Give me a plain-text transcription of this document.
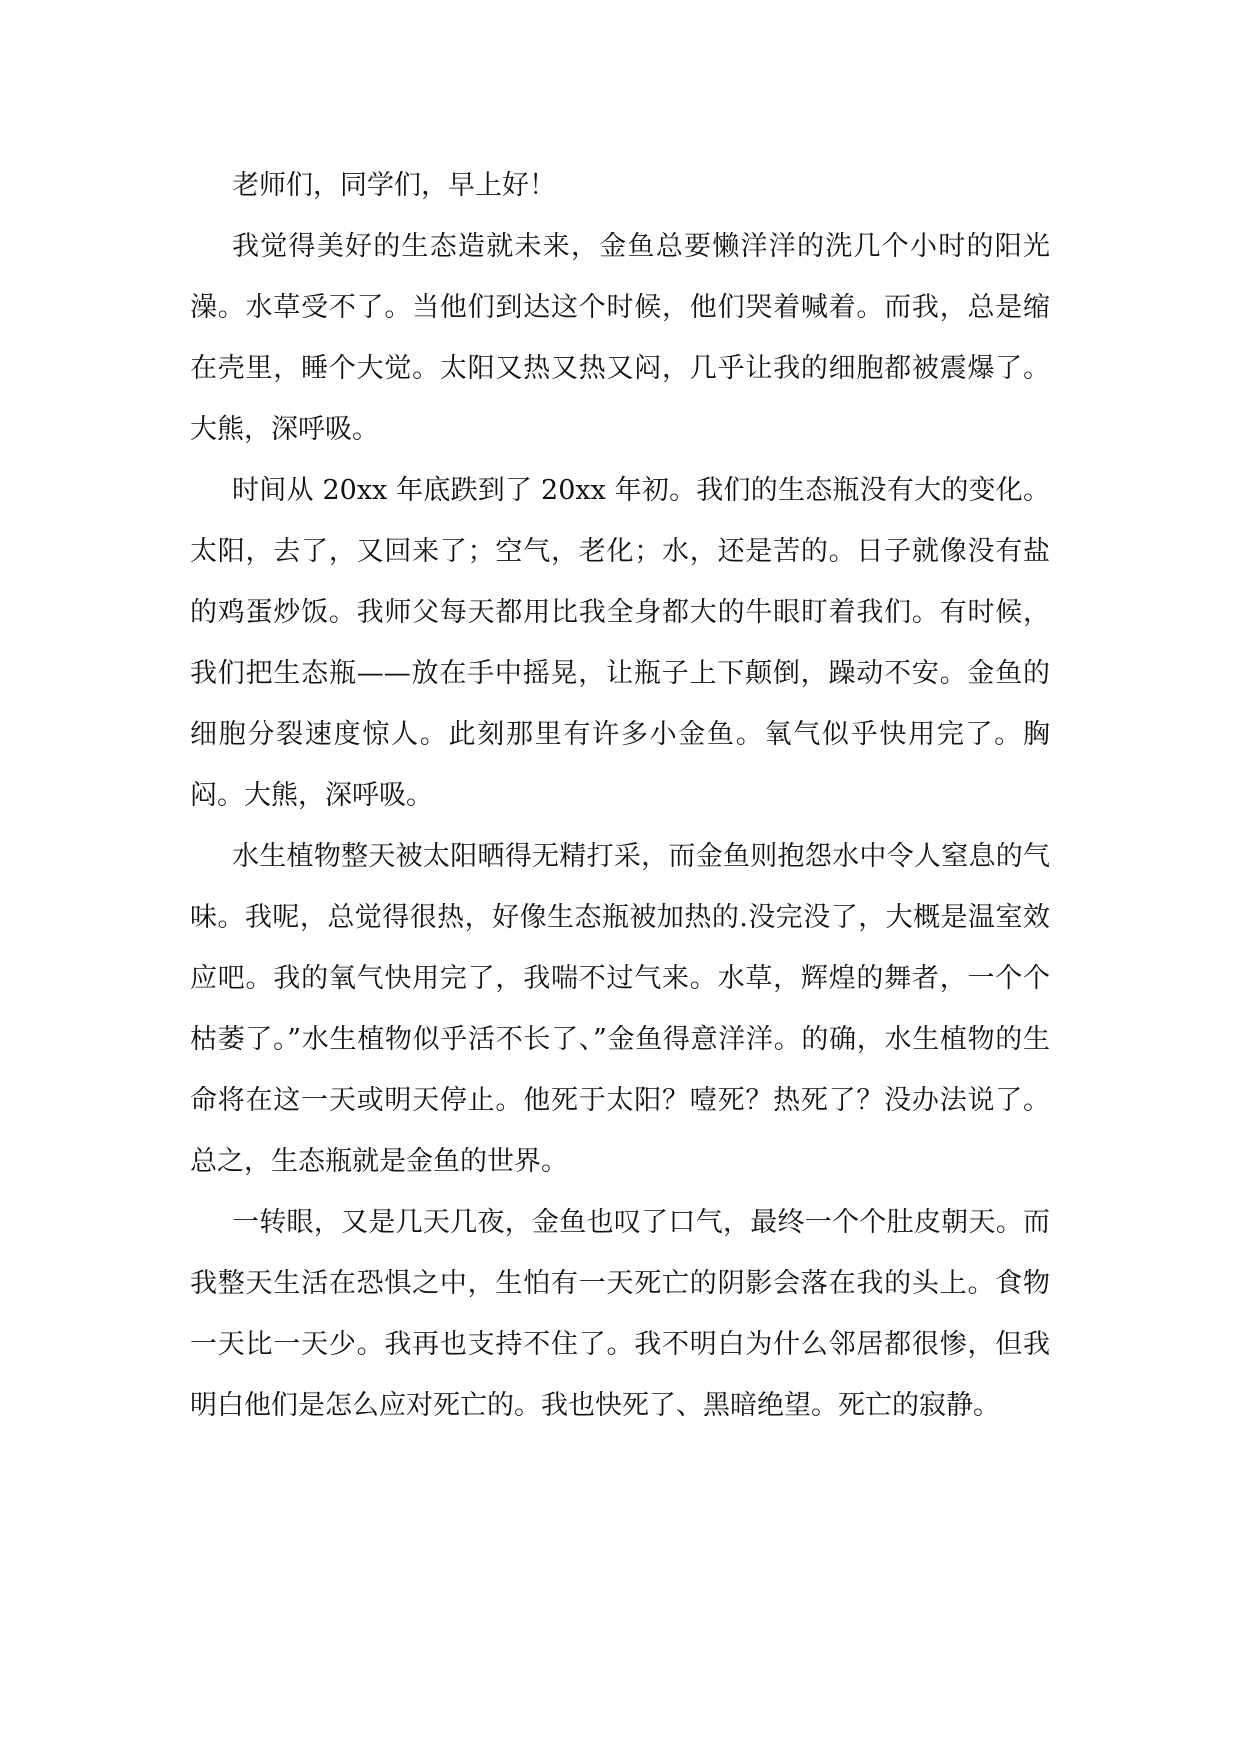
老师们，同学们，早上好！

我觉得美好的生态造就未来，金鱼总要懒洋洋的洗几个小时的阳光澡。水草受不了。当他们到达这个时候，他们哭着喊着。而我，总是缩在壳里，睡个大觉。太阳又热又热又闷，几乎让我的细胞都被震爆了。大熊，深呼吸。

时间从 20xx 年底跌到了 20xx 年初。我们的生态瓶没有大的变化。太阳，去了，又回来了；空气，老化；水，还是苦的。日子就像没有盐的鸡蛋炒饭。我师父每天都用比我全身都大的牛眼盯着我们。有时候，我们把生态瓶——放在手中摇晃，让瓶子上下颠倒，躁动不安。金鱼的细胞分裂速度惊人。此刻那里有许多小金鱼。氧气似乎快用完了。胸闷。大熊，深呼吸。

水生植物整天被太阳晒得无精打采，而金鱼则抱怨水中令人窒息的气味。我呢，总觉得很热，好像生态瓶被加热的.没完没了，大概是温室效应吧。我的氧气快用完了，我喘不过气来。水草，辉煌的舞者，一个个枯萎了。”水生植物似乎活不长了、”金鱼得意洋洋。的确，水生植物的生命将在这一天或明天停止。他死于太阳？噎死？热死了？没办法说了。总之，生态瓶就是金鱼的世界。

一转眼，又是几天几夜，金鱼也叹了口气，最终一个个肚皮朝天。而我整天生活在恐惧之中，生怕有一天死亡的阴影会落在我的头上。食物一天比一天少。我再也支持不住了。我不明白为什么邻居都很惨，但我明白他们是怎么应对死亡的。我也快死了、黑暗绝望。死亡的寂静。
